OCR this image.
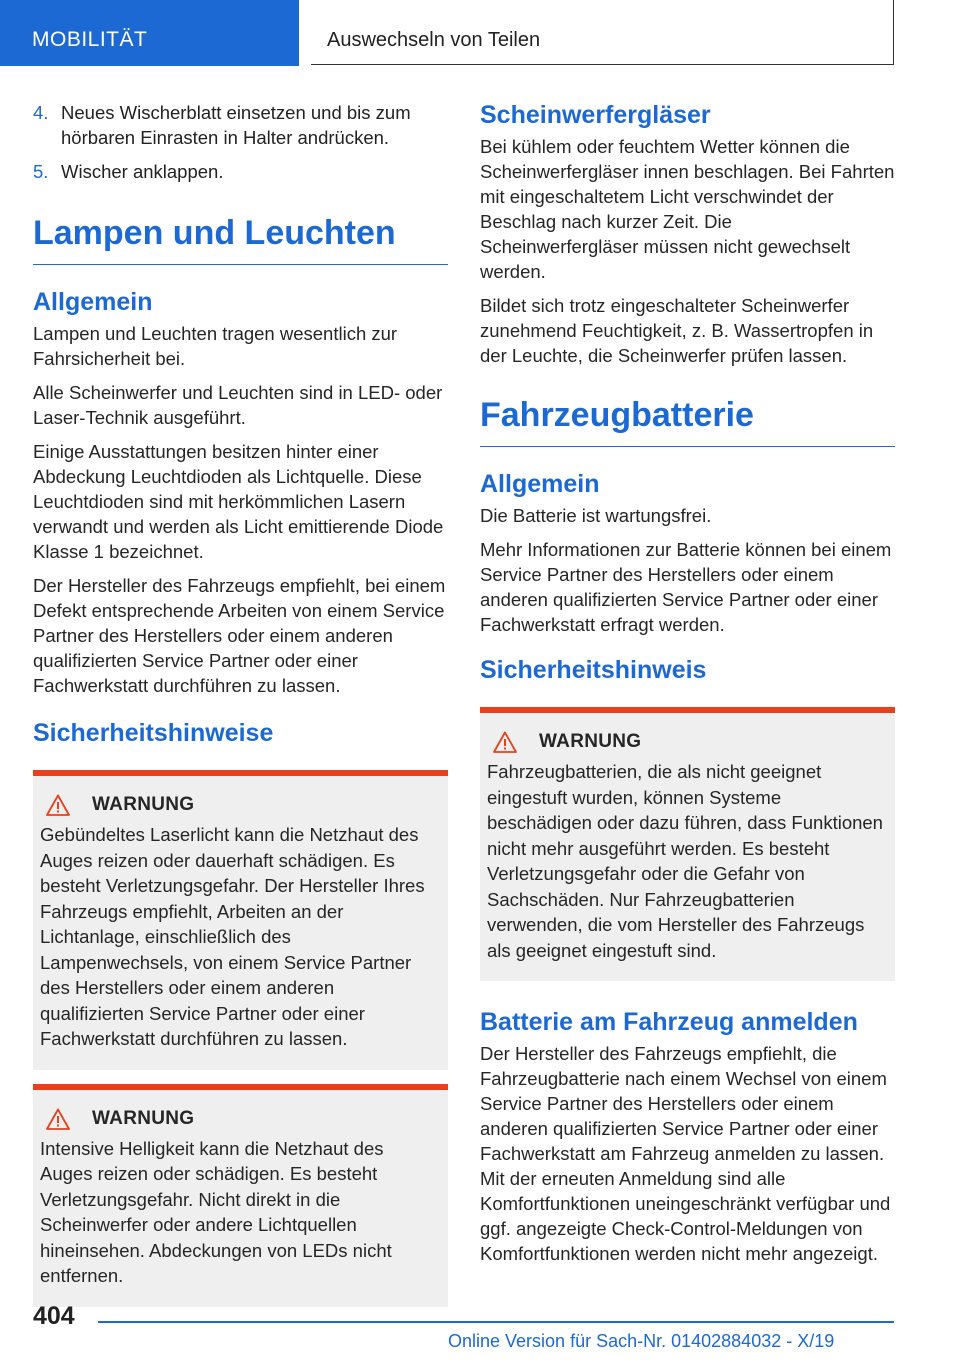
MOBILITÄT	Auswechseln von Teilen
4. Neues Wischerblatt einsetzen und bis zum hörbaren Einrasten in Halter andrücken.
5. Wischer anklappen.
Lampen und Leuchten
Allgemein

Lampen und Leuchten tragen wesentlich zur Fahrsicherheit bei.

Alle Scheinwerfer und Leuchten sind in LED- oder Laser-Technik ausgeführt.

Einige Ausstattungen besitzen hinter einer Abdeckung Leuchtdioden als Lichtquelle. Diese Leuchtdioden sind mit herkömmlichen Lasern verwandt und werden als Licht emittierende Diode Klasse 1 bezeichnet.

Der Hersteller des Fahrzeugs empfiehlt, bei einem Defekt entsprechende Arbeiten von einem Service Partner des Herstellers oder einem anderen qualifizierten Service Partner oder einer Fachwerkstatt durchführen zu lassen.

Sicherheitshinweise
WARNUNG

Gebündeltes Laserlicht kann die Netzhaut des Auges reizen oder dauerhaft schädigen. Es besteht Verletzungsgefahr. Der Hersteller Ihres Fahrzeugs empfiehlt, Arbeiten an der Lichtanlage, einschließlich des Lampenwechsels, von einem Service Partner des Herstellers oder einem anderen qualifizierten Service Partner oder einer Fachwerkstatt durchführen zu lassen.

WARNUNG

Intensive Helligkeit kann die Netzhaut des Auges reizen oder schädigen. Es besteht Verletzungsgefahr. Nicht direkt in die Scheinwerfer oder andere Lichtquellen hineinsehen. Abdeckungen von LEDs nicht entfernen.

Scheinwerfergläser

Bei kühlem oder feuchtem Wetter können die Scheinwerfergläser innen beschlagen. Bei Fahrten mit eingeschaltetem Licht verschwindet der Beschlag nach kurzer Zeit. Die Scheinwerfergläser müssen nicht gewechselt werden.

Bildet sich trotz eingeschalteter Scheinwerfer zunehmend Feuchtigkeit, z. B. Wassertropfen in der Leuchte, die Scheinwerfer prüfen lassen.

Fahrzeugbatterie
Allgemein

Die Batterie ist wartungsfrei.

Mehr Informationen zur Batterie können bei einem Service Partner des Herstellers oder einem anderen qualifizierten Service Partner oder einer Fachwerkstatt erfragt werden.

Sicherheitshinweis
WARNUNG

Fahrzeugbatterien, die als nicht geeignet eingestuft wurden, können Systeme beschädigen oder dazu führen, dass Funktionen nicht mehr ausgeführt werden. Es besteht Verletzungsgefahr oder die Gefahr von Sachschäden. Nur Fahrzeugbatterien verwenden, die vom Hersteller des Fahrzeugs als geeignet eingestuft sind.

Batterie am Fahrzeug anmelden

Der Hersteller des Fahrzeugs empfiehlt, die Fahrzeugbatterie nach einem Wechsel von einem Service Partner des Herstellers oder einem anderen qualifizierten Service Partner oder einer Fachwerkstatt am Fahrzeug anmelden zu lassen. Mit der erneuten Anmeldung sind alle Komfortfunktionen uneingeschränkt verfügbar und ggf. angezeigte Check-Control-Meldungen von Komfortfunktionen werden nicht mehr angezeigt.

404
Online Version für Sach-Nr. 01402884032 - X/19
